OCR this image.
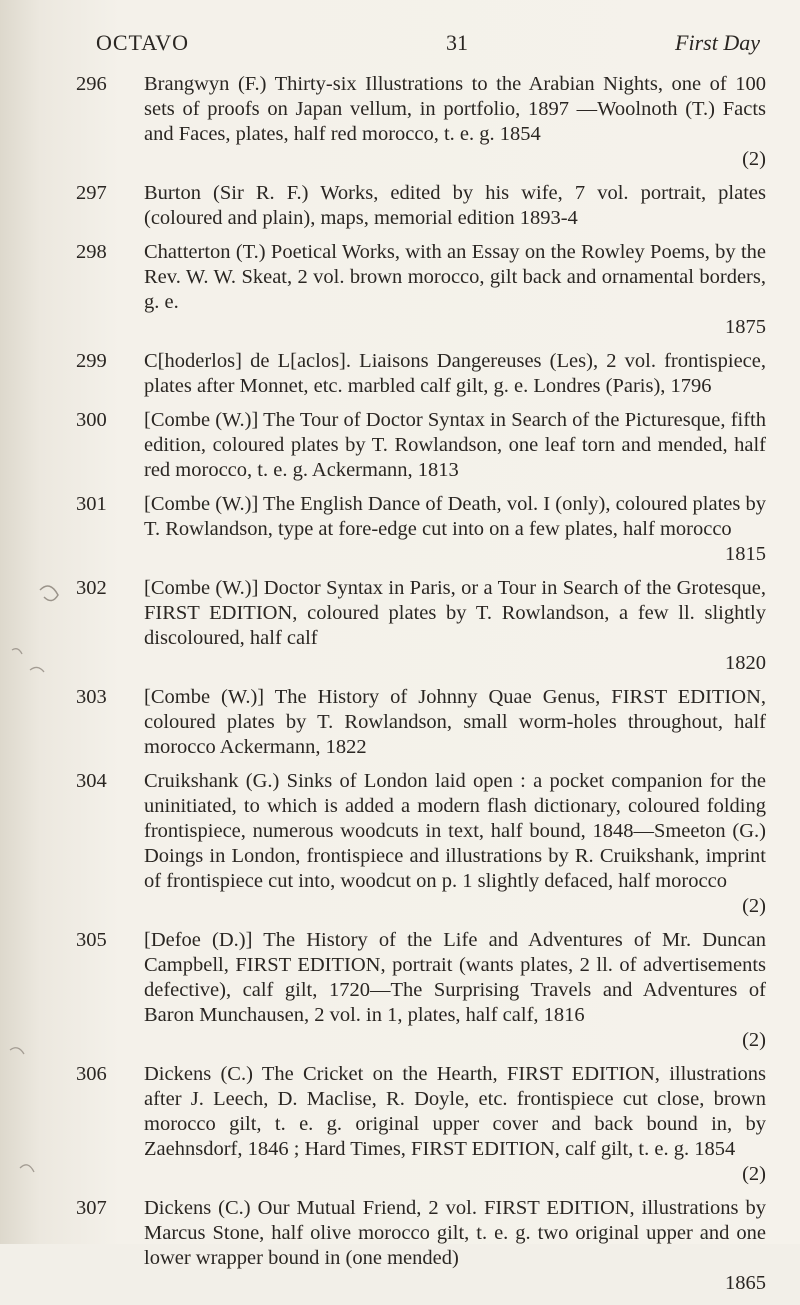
OCTAVO	31	First Day
296	Brangwyn (F.) Thirty-six Illustrations to the Arabian Nights, one of 100 sets of proofs on Japan vellum, in portfolio, 1897 —Woolnoth (T.) Facts and Faces, plates, half red morocco, t. e. g. 1854
(2)
297	Burton (Sir R. F.) Works, edited by his wife, 7 vol. portrait, plates (coloured and plain), maps, memorial edition 1893-4
298	Chatterton (T.) Poetical Works, with an Essay on the Rowley Poems, by the Rev. W. W. Skeat, 2 vol. brown morocco, gilt back and ornamental borders, g. e.
1875
299	C[hoderlos] de L[aclos]. Liaisons Dangereuses (Les), 2 vol. frontispiece, plates after Monnet, etc. marbled calf gilt, g. e. Londres (Paris), 1796
300	[Combe (W.)] The Tour of Doctor Syntax in Search of the Picturesque, fifth edition, coloured plates by T. Rowlandson, one leaf torn and mended, half red morocco, t. e. g. Ackermann, 1813
301	[Combe (W.)] The English Dance of Death, vol. I (only), coloured plates by T. Rowlandson, type at fore-edge cut into on a few plates, half morocco
1815
302	[Combe (W.)] Doctor Syntax in Paris, or a Tour in Search of the Grotesque, FIRST EDITION, coloured plates by T. Rowlandson, a few ll. slightly discoloured, half calf
1820
303	[Combe (W.)] The History of Johnny Quae Genus, FIRST EDITION, coloured plates by T. Rowlandson, small worm-holes throughout, half morocco Ackermann, 1822
304	Cruikshank (G.) Sinks of London laid open : a pocket companion for the uninitiated, to which is added a modern flash dictionary, coloured folding frontispiece, numerous woodcuts in text, half bound, 1848—Smeeton (G.) Doings in London, frontispiece and illustrations by R. Cruikshank, imprint of frontispiece cut into, woodcut on p. 1 slightly defaced, half morocco
(2)
305	[Defoe (D.)] The History of the Life and Adventures of Mr. Duncan Campbell, FIRST EDITION, portrait (wants plates, 2 ll. of advertisements defective), calf gilt, 1720—The Surprising Travels and Adventures of Baron Munchausen, 2 vol. in 1, plates, half calf, 1816
(2)
306	Dickens (C.) The Cricket on the Hearth, FIRST EDITION, illustrations after J. Leech, D. Maclise, R. Doyle, etc. frontispiece cut close, brown morocco gilt, t. e. g. original upper cover and back bound in, by Zaehnsdorf, 1846 ; Hard Times, FIRST EDITION, calf gilt, t. e. g. 1854
(2)
307	Dickens (C.) Our Mutual Friend, 2 vol. FIRST EDITION, illustrations by Marcus Stone, half olive morocco gilt, t. e. g. two original upper and one lower wrapper bound in (one mended)
1865
